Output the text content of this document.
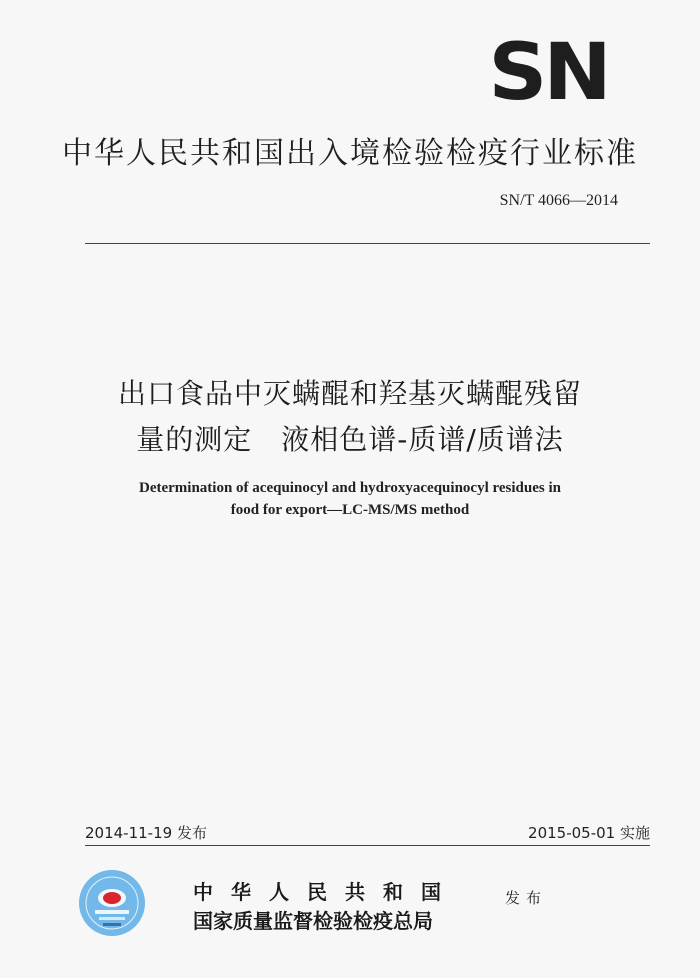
SN
中华人民共和国出入境检验检疫行业标准
SN/T 4066—2014
出口食品中灭螨醌和羟基灭螨醌残留
量的测定　液相色谱-质谱/质谱法
Determination of acequinocyl and hydroxyacequinocyl residues in
food for export—LC-MS/MS method
2014-11-19 发布	2015-05-01 实施
中华人民共和国
国家质量监督检验检疫总局
发布
